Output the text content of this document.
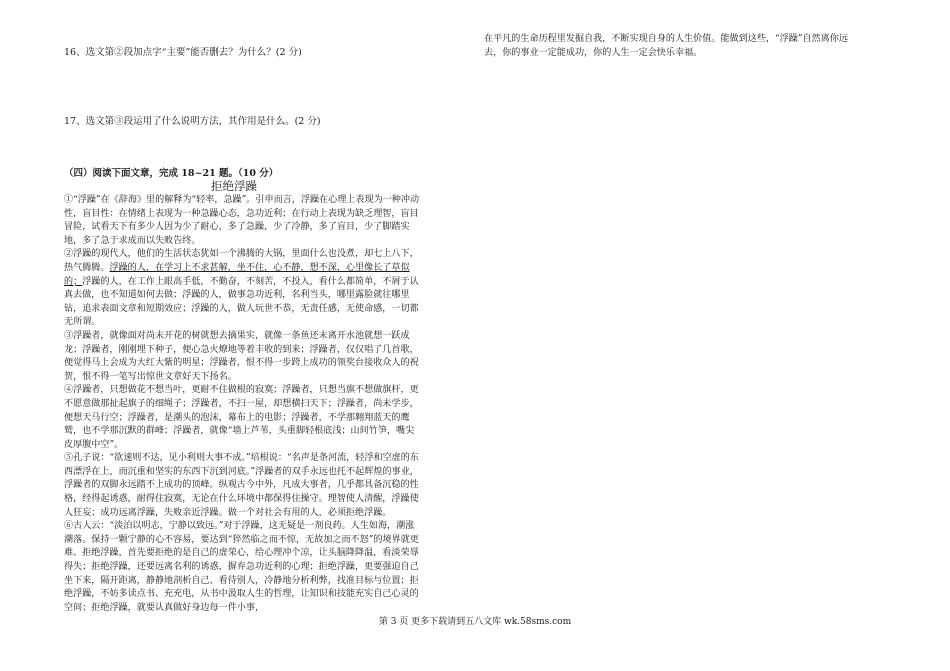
16、选文第②段加点字“主要”能否删去？为什么？(2 分)
17、选文第③段运用了什么说明方法，其作用是什么。(2 分)
（四）阅读下面文章，完成 18~21 题。（10 分）
拒绝浮躁

①“浮躁”在《辞海》里的解释为“轻率，急躁”。引申而言，浮躁在心理上表现为一种冲动性，盲目性：在情绪上表现为一种急躁心态，急功近利；在行动上表现为缺乏理智，盲目冒险，试看天下有多少人因为少了耐心，多了急躁，少了冷静，多了盲目，少了脚踏实地，多了急于求成而以失败告终。

②浮躁的现代人，他们的生活状态犹如一个沸腾的大锅，里面什么也没煮，却七上八下，热气腾腾。浮躁的人，在学习上不求甚解，坐不住，心不静，想不深，心里像长了草似的；浮躁的人，在工作上眼高手低，不勤奋，不刻苦，不投入，看什么都简单，不屑于认真去做，也不知道如何去做；浮躁的人，做事急功近利，名利当头，哪里露脸就往哪里钻，追求表面文章和短期效应；浮躁的人，做人玩世不恭，无责任感，无使命感，一切都无所谓。

③浮躁者，就像面对尚未开花的树就想去摘果实，就像一条鱼还未离开水池就想一跃成龙；浮躁者，刚刚埋下种子，便心急火燎地等着丰收的到来；浮躁者，仅仅唱了几首歌，便觉得马上会成为大红大紫的明星；浮躁者，恨不得一步跨上成功的领奖台接收众人的祝贺，恨不得一笔写出惊世文章好天下扬名。

④浮躁者，只想做花不想当叶，更耐不住做根的寂寞；浮躁者，只想当旗不想做旗杆，更不愿意做那扯起旗子的细绳子；浮躁者，不扫一屋，却想横扫天下；浮躁者，尚未学步，便想天马行空；浮躁者，是潮头的泡沫，幕布上的电影；浮躁者，不学那翱翔蓝天的鹰鹫，也不学那沉默的群峰；浮躁者，就像“墙上芦苇，头重脚轻根底浅；山间竹笋，嘴尖皮厚腹中空”。

⑤孔子说：“欲速则不达，见小利则大事不成。”培根说：“名声是条河流，轻浮和空虚的东西漂浮在上，而沉重和坚实的东西下沉到河底。”浮躁者的双手永远也托不起辉煌的事业，浮躁者的双脚永远踏不上成功的顶峰。纵观古今中外，凡成大事者，几乎都具备沉稳的性格，经得起诱惑，耐得住寂寞，无论在什么环境中都保得住操守。理智使人清醒，浮躁使人狂妄；成功远离浮躁，失败亲近浮躁。做一个对社会有用的人，必须拒绝浮躁。

⑥古人云：“淡泊以明志，宁静以致远。”对于浮躁，这无疑是一剂良药。人生如海，潮涨潮落。保持一颗宁静的心不容易，要达到“猝然临之而不惊，无故加之而不怒”的境界就更难。拒绝浮躁，首先要拒绝的是自己的虚荣心，给心理冲个凉，让头脑降降温，看淡荣辱得失；拒绝浮躁，还要远离名利的诱惑，摒弃急功近利的心理；拒绝浮躁，更要强迫自己坐下来，隔开距离，静静地剖析自己、看待别人，冷静地分析利弊，找准目标与位置；拒绝浮躁，不妨多读点书、充充电，从书中汲取人生的哲理，让知识和技能充实自己心灵的空间；拒绝浮躁，就要认真做好身边每一件小事，

在平凡的生命历程里发掘自我，不断实现自身的人生价值。能做到这些，“浮躁”自然离你远去，你的事业一定能成功，你的人生一定会快乐幸福。

第 3 页 更多下载请到五八文库 wk.58sms.com
